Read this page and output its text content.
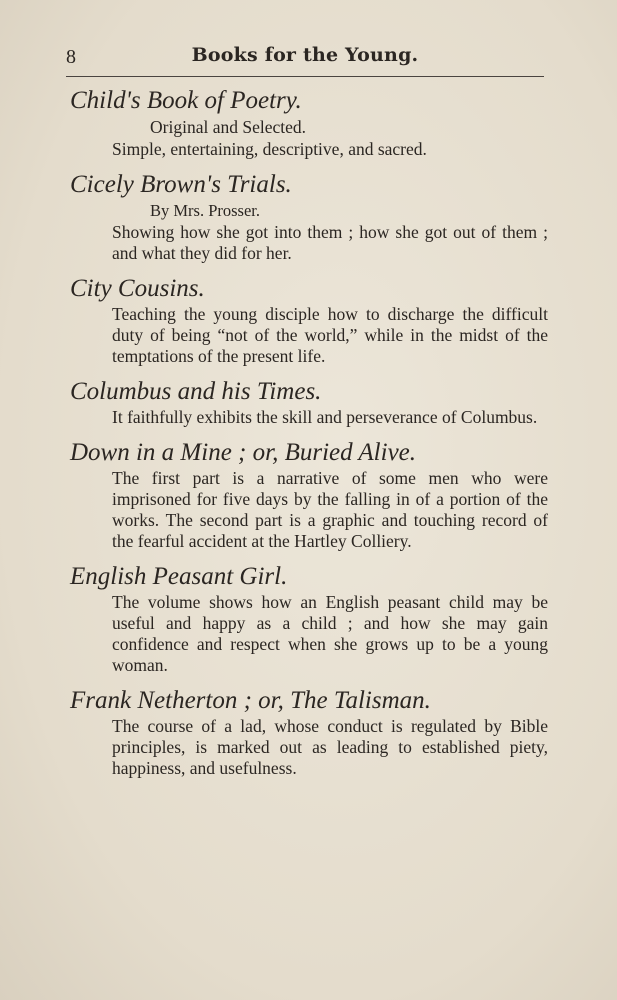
8	Books for the Young.
Child's Book of Poetry.

Original and Selected.

Simple, entertaining, descriptive, and sacred.

Cicely Brown's Trials.

By Mrs. Prosser.

Showing how she got into them ; how she got out of them ; and what they did for her.

City Cousins.

Teaching the young disciple how to discharge the difficult duty of being “not of the world,” while in the midst of the temptations of the present life.

Columbus and his Times.

It faithfully exhibits the skill and perseverance of Columbus.

Down in a Mine ; or, Buried Alive.

The first part is a narrative of some men who were imprisoned for five days by the falling in of a portion of the works. The second part is a graphic and touching record of the fearful accident at the Hartley Colliery.

English Peasant Girl.

The volume shows how an English peasant child may be useful and happy as a child ; and how she may gain confidence and respect when she grows up to be a young woman.

Frank Netherton ; or, The Talisman.

The course of a lad, whose conduct is regulated by Bible principles, is marked out as leading to established piety, happiness, and usefulness.
